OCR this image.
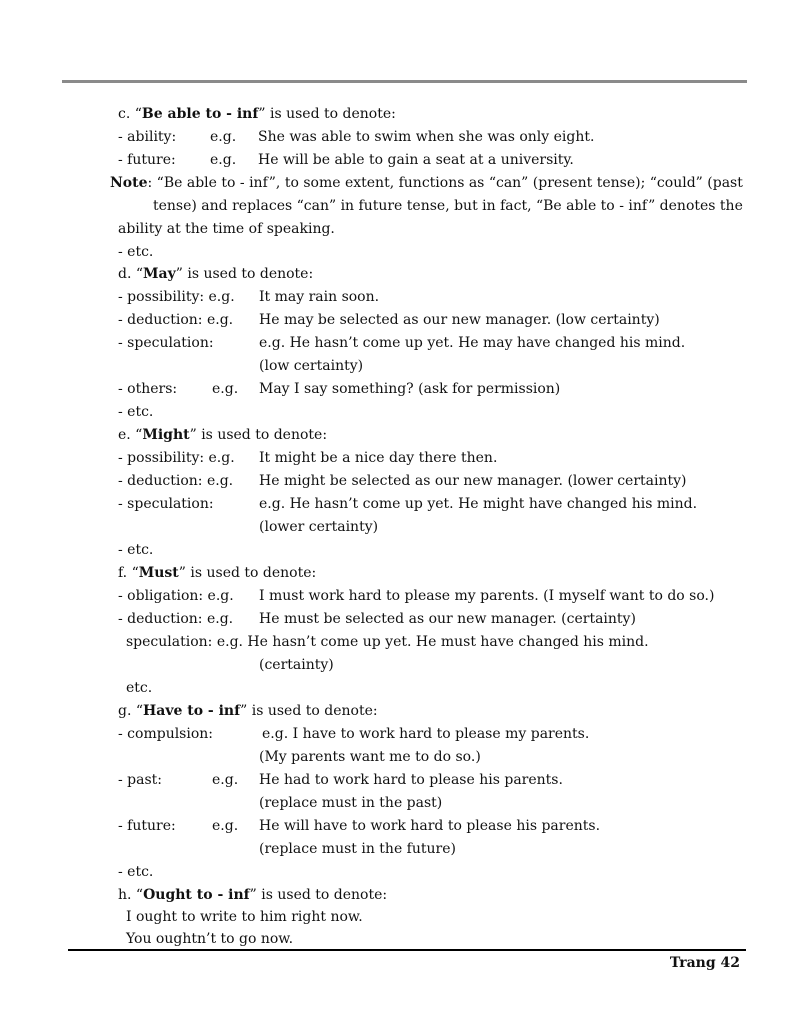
c. “Be able to - inf” is used to denote:
- ability: e.g. She was able to swim when she was only eight.
- future: e.g. He will be able to gain a seat at a university.
Note: “Be able to - inf”, to some extent, functions as “can” (present tense); “could” (past
tense) and replaces “can” in future tense, but in fact, “Be able to - inf” denotes the
ability at the time of speaking.
- etc.
d. “May” is used to denote:
- possibility: e.g. It may rain soon.
- deduction: e.g. He may be selected as our new manager. (low certainty)
- speculation:	e.g. He hasn’t come up yet. He may have changed his mind.
(low certainty)
- others: e.g. May I say something? (ask for permission)
- etc.
e. “Might” is used to denote:
- possibility: e.g. It might be a nice day there then.
- deduction: e.g. He might be selected as our new manager. (lower certainty)
- speculation:	e.g. He hasn’t come up yet. He might have changed his mind.
(lower certainty)
- etc.
f. “Must” is used to denote:
- obligation: e.g. I must work hard to please my parents. (I myself want to do so.)
- deduction: e.g. He must be selected as our new manager. (certainty)
speculation: e.g. He hasn’t come up yet. He must have changed his mind.
(certainty)
etc.
g. “Have to - inf” is used to denote:
- compulsion:	e.g. I have to work hard to please my parents.
(My parents want me to do so.)
- past:	e.g. He had to work hard to please his parents.
(replace must in the past)
- future:	e.g. He will have to work hard to please his parents.
(replace must in the future)
- etc.
h. “Ought to - inf” is used to denote:
I ought to write to him right now.
You oughtn’t to go now.
Trang 42
